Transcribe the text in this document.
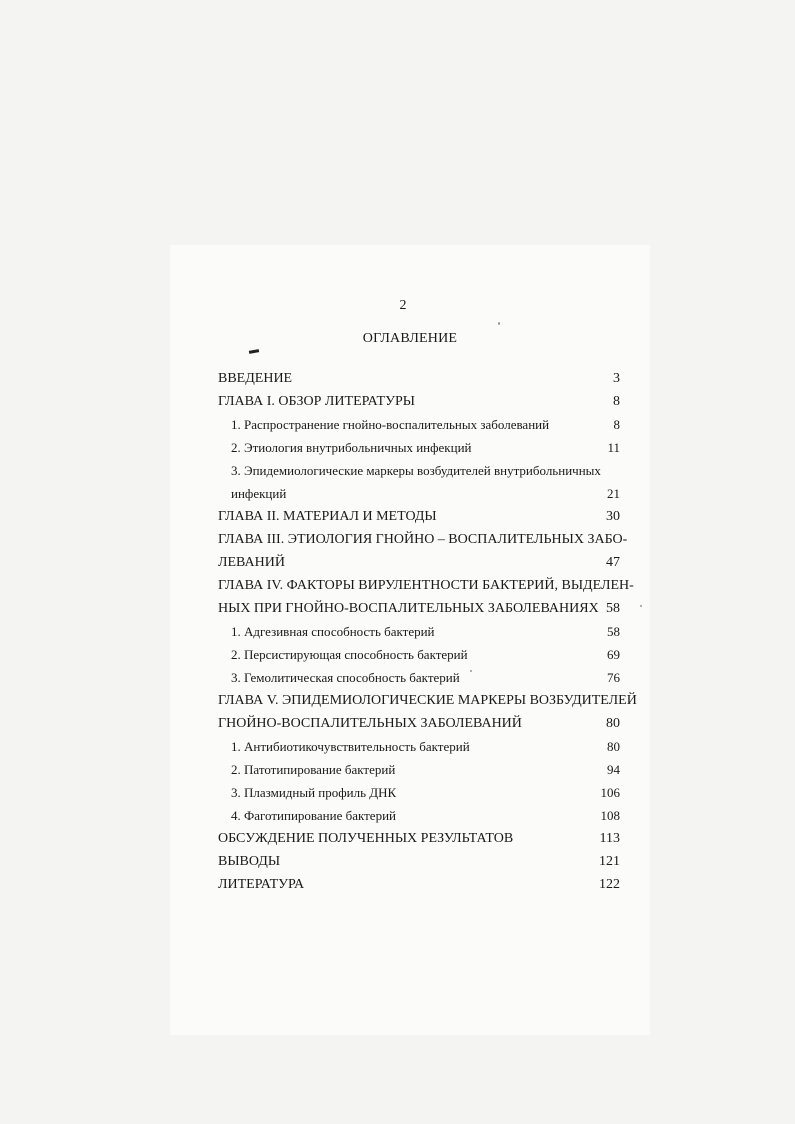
2
ОГЛАВЛЕНИЕ
ВВЕДЕНИЕ	3
ГЛАВА I. ОБЗОР ЛИТЕРАТУРЫ	8
1. Распространение гнойно-воспалительных заболеваний	8
2. Этиология внутрибольничных инфекций	11
3. Эпидемиологические маркеры возбудителей внутрибольничных
инфекций	21
ГЛАВА II. МАТЕРИАЛ И МЕТОДЫ	30
ГЛАВА III. ЭТИОЛОГИЯ ГНОЙНО – ВОСПАЛИТЕЛЬНЫХ ЗАБО-
ЛЕВАНИЙ	47
ГЛАВА IV. ФАКТОРЫ ВИРУЛЕНТНОСТИ БАКТЕРИЙ, ВЫДЕЛЕН-
НЫХ ПРИ ГНОЙНО-ВОСПАЛИТЕЛЬНЫХ ЗАБОЛЕВАНИЯХ 58
1. Адгезивная способность бактерий	58
2. Персистирующая способность бактерий	69
3. Гемолитическая способность бактерий	76
ГЛАВА V. ЭПИДЕМИОЛОГИЧЕСКИЕ МАРКЕРЫ ВОЗБУДИТЕЛЕЙ
ГНОЙНО-ВОСПАЛИТЕЛЬНЫХ ЗАБОЛЕВАНИЙ	80
1. Антибиотикочувствительность бактерий	80
2. Патотипирование бактерий	94
3. Плазмидный профиль ДНК	106
4. Фаготипирование бактерий	108
ОБСУЖДЕНИЕ ПОЛУЧЕННЫХ РЕЗУЛЬТАТОВ	113
ВЫВОДЫ	121
ЛИТЕРАТУРА	122
